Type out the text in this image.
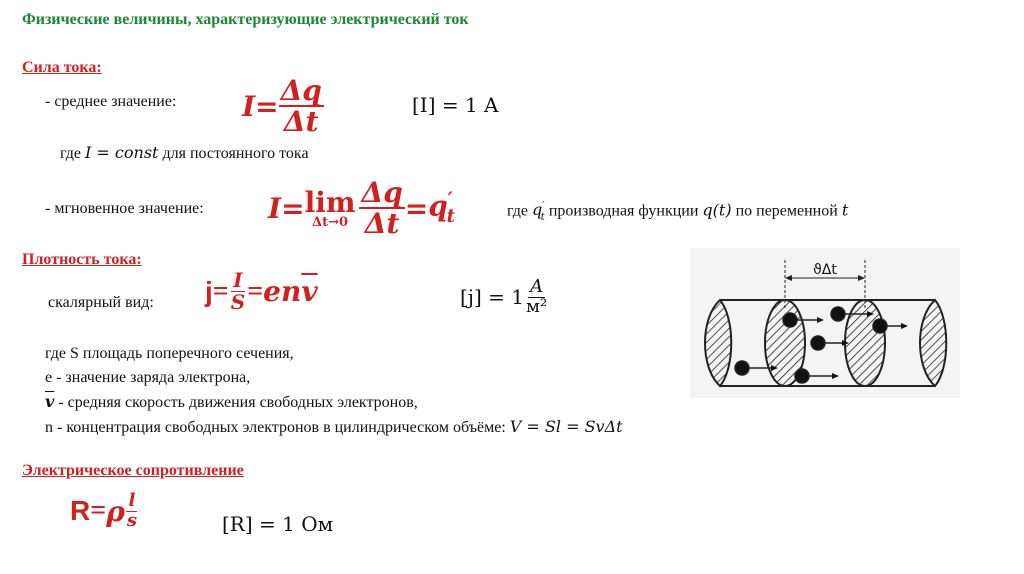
Физические величины, характеризующие электрический ток
Сила тока:
- среднее значение: $I = \frac{\Delta q}{\Delta t}$	[I] = 1 A
где I = const для постоянного тока
- мгновенное значение: I = lim
$\Delta t\to 0 \frac{\Delta q}{\Delta t} = q'_t$	где $q'_t$ производная функции q(t) по переменной t
Плотность тока:
скалярный вид: $j = \frac{I}{S} = en\overline{v}$	$[j] = 1 \frac{A}{\text{м²}}$
где S площадь поперечного сечения,
e - значение заряда электрона,
$\overline{v}$ - средняя скорость движения свободных электронов,
n - концентрация свободных электронов в цилиндрическом объёме: V = Sl = SvΔt
ϑΔt
Электрическое сопротивление
R = ρ $\frac{l}{s}$	[R] = 1 Ом
